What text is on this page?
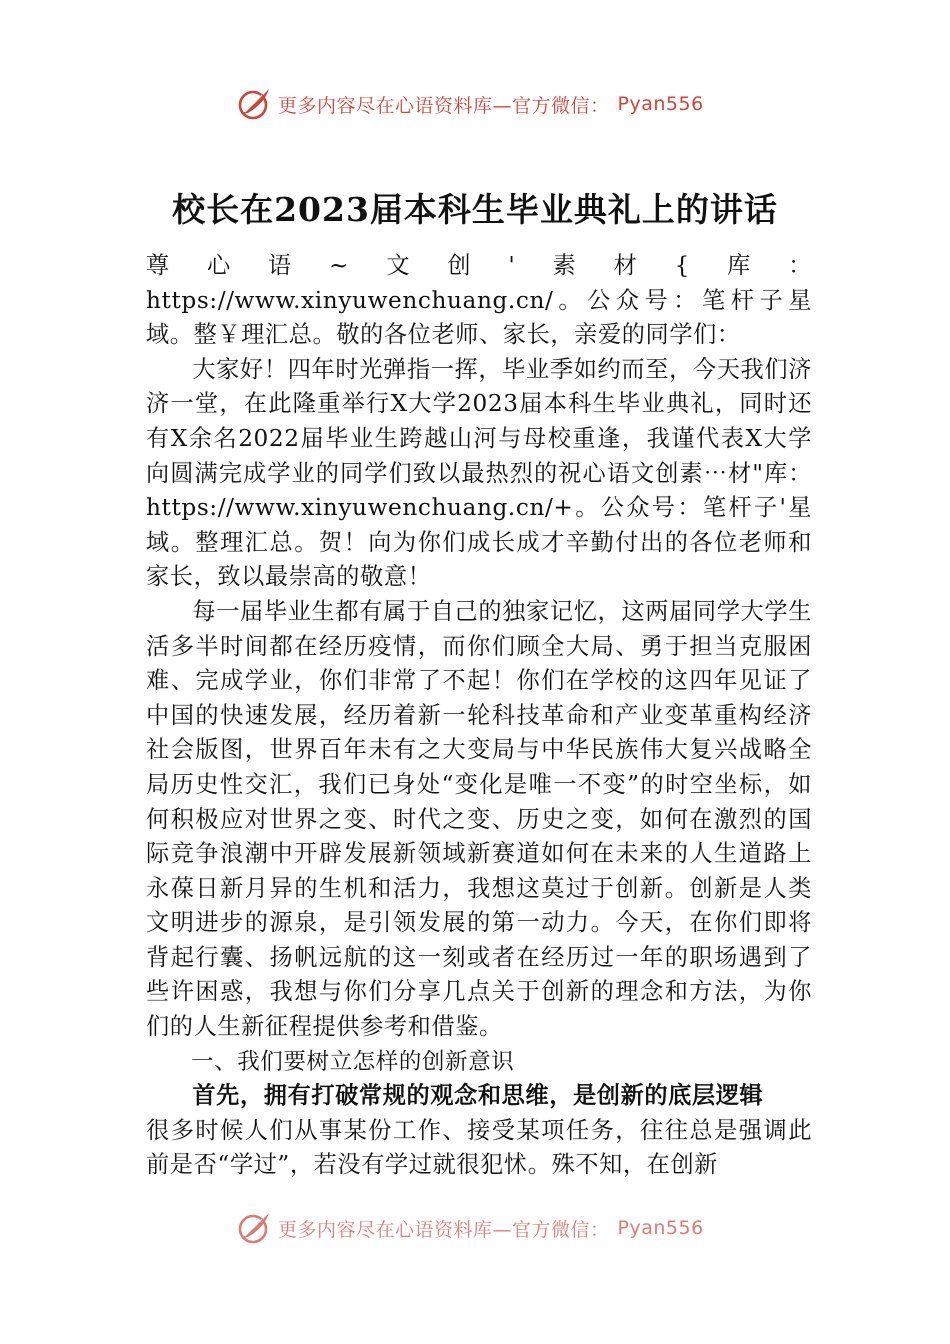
更多内容尽在心语资料库—官方微信： Pyan556
校长在2023届本科生毕业典礼上的讲话

尊心语~文创'素材{库：https://www.xinyuwenchuang.cn/。公众号：笔杆子星域。整￥理汇总。敬的各位老师、家长，亲爱的同学们：

大家好！四年时光弹指一挥，毕业季如约而至，今天我们济济一堂，在此隆重举行X大学2023届本科生毕业典礼，同时还有X余名2022届毕业生跨越山河与母校重逢，我谨代表X大学向圆满完成学业的同学们致以最热烈的祝心语文创素⋯材"库：https://www.xinyuwenchuang.cn/+。公众号：笔杆子'星域。整理汇总。贺！向为你们成长成才辛勤付出的各位老师和家长，致以最崇高的敬意！

每一届毕业生都有属于自己的独家记忆，这两届同学大学生活多半时间都在经历疫情，而你们顾全大局、勇于担当克服困难、完成学业，你们非常了不起！你们在学校的这四年见证了中国的快速发展，经历着新一轮科技革命和产业变革重构经济社会版图，世界百年未有之大变局与中华民族伟大复兴战略全局历史性交汇，我们已身处“变化是唯一不变”的时空坐标，如何积极应对世界之变、时代之变、历史之变，如何在激烈的国际竞争浪潮中开辟发展新领域新赛道如何在未来的人生道路上永葆日新月异的生机和活力，我想这莫过于创新。创新是人类文明进步的源泉，是引领发展的第一动力。今天，在你们即将背起行囊、扬帆远航的这一刻或者在经历过一年的职场遇到了些许困惑，我想与你们分享几点关于创新的理念和方法，为你们的人生新征程提供参考和借鉴。

一、我们要树立怎样的创新意识

首先，拥有打破常规的观念和思维，是创新的底层逻辑

很多时候人们从事某份工作、接受某项任务，往往总是强调此前是否“学过”，若没有学过就很犯怵。殊不知，在创新

更多内容尽在心语资料库—官方微信： Pyan556
